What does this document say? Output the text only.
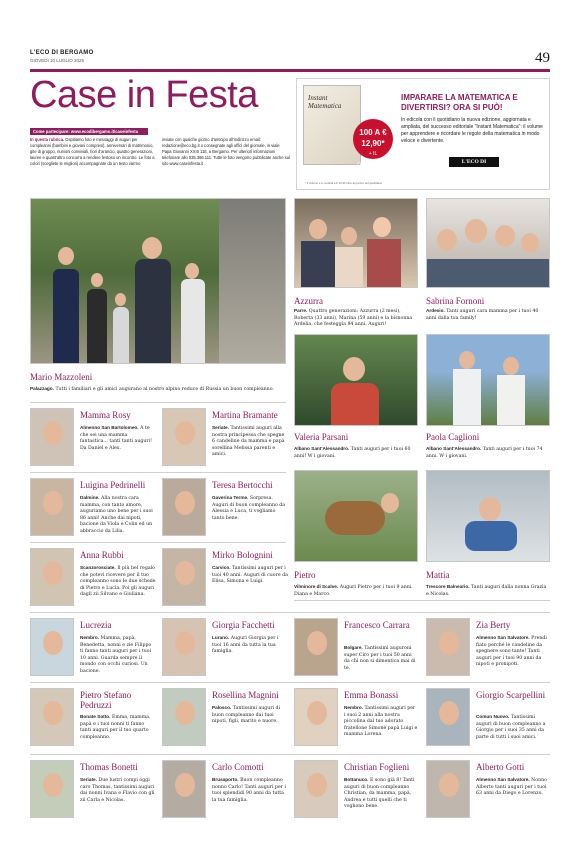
L'ECO DI BERGAMO
GIOVEDÌ 10 LUGLIO 2025	49
Case in Festa
Come partecipare: www.ecodibergamo.it/caseinfesta
In questa rubrica. Ospitiamo foto e messaggi di auguri per compleanni (bambini e giovani compresi), anniversari di matrimonio, gite di gruppo, riunioni conviviali, fiori d'arancio, quattro generazioni, lauree e quant'altro concorra a rendere festoso un incontro. Le foto a colori (scegliete le migliori) accompagnate da un testo varrno
inviate con qualche giorno d'anticipo all'indirizzo email: redazione@eco.bg.it o consegnate agli uffici del giornale, in viale Papa Giovanni XXIII 118, a Bergamo. Per ulteriori informazioni telefonare allo 035.386.111. Tutte le foto vengono pubblicate anche sul sito www.caseinfesta.it
Instant Matematica
100 A € 12,90*
+ IL QUOTIDIANO
IMPARARE LA MATEMATICA E DIVERTIRSI? ORA SI PUÒ!
In edicola con il quotidiano la nuova edizione, aggiornata e ampliata, del successo editoriale "Instant Matematica": il volume per apprendere e ricordare le regole della matematica in modo veloce e divertente.
L'ECO DI BERGAMO
* Il volume è in vendita a € 12,90 oltre al prezzo del quotidiano
Mario Mazzoleni
Palazzago. Tutti i familiari e gli amici augurano al nostro alpino reduce di Russia un buon compleanno.
Azzurra
Parre. Quattro generazioni: Azzurra (2 mesi), Roberta (33 anni), Marina (59 anni) e la bisnonna Ardelia, che festeggia 84 anni. Auguri!
Sabrina Fornoni
Ardesio. Tanti auguri cara mamma per i tuoi 40 anni dalla tua family!
Valeria Parsani
Albano Sant'Alessandro. Tanti auguri per i tuoi 60 anni! W i giovani.
Paola Caglioni
Albano Sant'Alessandro. Tanti auguri per i tuoi 74 anni. W i giovani.
Pietro
Vilminore di Scalve. Auguri Pietro per i tuoi 9 anni. Diana e Marco.
Mattia
Trescore Balneario. Tanti auguri dalla nonna Grazia e Nicolas.
Mamma Rosy
Almenno San Bartolomeo. A te che sei una mamma fantastica... tanti tanti auguri! Da Daniel e Alex.
Martina Bramante
Seriate. Tantissimi auguri alla nostra principessa che spegne 6 candeline da mamma e papà sorellina Melissa parenti e amici.
Luigina Pedrinelli
Dalmine. Alla nostra cara mamma, con tanto amore, auguriamo uno bene per i suoi 86 anni! Anche dai nipoti, bacione da Viola e Colin ed un abbraccio da Lilia.
Teresa Bertocchi
Gaverina Terme. Sorpresa. Auguri di buon compleanno da Alessia e Luca, ti vogliamo tanto bene.
Anna Rubbi
Scanzorosciate. Il più bel regalo che potevi ricevere per il tuo compleanno sono le due schede di Pietro e Lucia. Poi gli auguri dagli zii Silvano e Giuliana.
Mirko Bolognini
Carvico. Tantissimi auguri per i tuoi 40 anni. Auguri di cuore da Elisa, Simona e Luigi.
Lucrezia
Nembro. Mamma, papà, Benedetta, nonni e zie Filippo ti fanno tanti auguri per i tuoi 10 anni. Guarda sempre il mondo con occhi curiosi. Un bacione.
Giorgia Facchetti
Lurano. Auguri Giorgia per i tuoi 16 anni da tutta la tua famiglia.
Francesco Carrara
Bolgare. Tantissimi auguroni super Ciro per i tuoi 50 anni da chi non si dimentica mai di te.
Zia Berty
Almenno San Salvatore. Prendi fiato perché le candeline da spegnere sono tante! Tanti auguri per i tuoi 90 anni da nipoti e pronipoti.
Pietro Stefano Pedruzzi
Bonate Sotto. Emma, mamma, papà e i tuoi nonni ti fanno tanti auguri per il tuo quarto compleanno.
Rosellina Magnini
Palosco. Tantissimi auguri di buon compleanno dai tuoi nipoti, figli, marito e nuore.
Emma Bonassi
Nembro. Tantissimi auguri per i suoi 2 anni alla nostra piccolina dal tuo adorato fratellone Simone papà Luigi e mamma Lorena.
Giorgio Scarpellini
Comun Nuovo. Tantissimi auguri di buon compleanno a Giorgio per i suoi 35 anni da parte di tutti i suoi amici.
Thomas Bonetti
Seriate. Due lustri compi oggi caro Thomas, tantissimi auguri dai nonni Ivana e Flavio con gli zii Carla e Nicolas.
Carlo Comotti
Brusaporto. Buon compleanno nonno Carlo! Tanti auguri per i tuoi splendidi 90 anni da tutta la tua famiglia.
Christian Foglieni
Bottanuco. E sono già 8! Tanti auguri di buon compleanno Christian, da mamma, papà, Andrea e tutti quelli che ti vogliono bene.
Alberto Gotti
Almenno San Salvatore. Nonno Alberto tanti auguri per i tuoi 63 anni da Diego e Lorenzo.
